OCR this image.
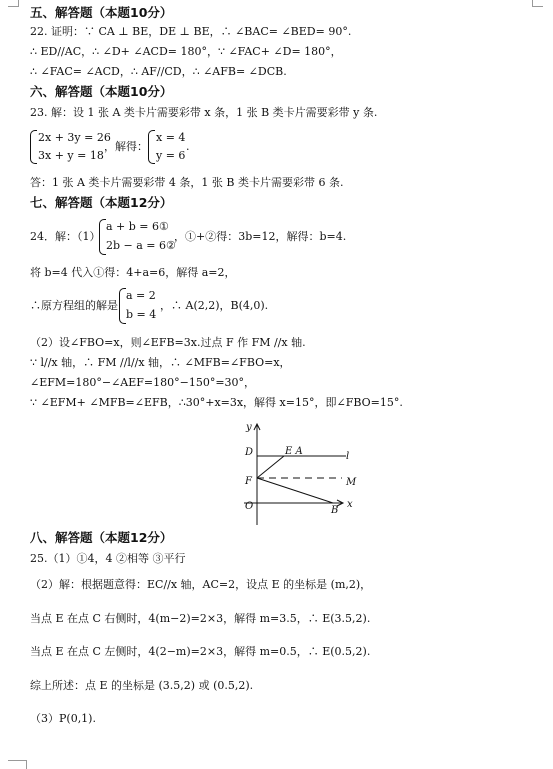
五、解答题（本题10分）
22. 证明：∵ CA ⊥ BE，DE ⊥ BE，∴ ∠BAC= ∠BED= 90°.
∴ ED//AC，∴ ∠D+ ∠ACD= 180°，∵ ∠FAC+ ∠D= 180°，
∴ ∠FAC= ∠ACD，∴ AF//CD，∴ ∠AFB= ∠DCB.
六、解答题（本题10分）
23. 解：设 1 张 A 类卡片需要彩带 x 条，1 张 B 类卡片需要彩带 y 条.
2x + 3y = 26
3x + y = 18
，解得：
x = 4
y = 6
.
答：1 张 A 类卡片需要彩带 4 条，1 张 B 类卡片需要彩带 6 条.
七、解答题（本题12分）
24．解：（1）
a + b = 6①
2b − a = 6②
，①+②得：3b=12，解得：b=4.
将 b=4 代入①得：4+a=6，解得 a=2，
∴原方程组的解是
a = 2
b = 4
，∴ A(2,2)，B(4,0).
（2）设∠FBO=x，则∠EFB=3x.过点 F 作 FM //x 轴.
∵ l//x 轴，∴ FM //l//x 轴，∴ ∠MFB=∠FBO=x，
∠EFM=180°−∠AEF=180°−150°=30°，
∵ ∠EFM+ ∠MFB=∠EFB，∴30°+x=3x，解得 x=15°，即∠FBO=15°.
y
D	E A	l
F	M
O	B
x
八、解答题（本题12分）
25.（1）①4，4 ②相等 ③平行
（2）解：根据题意得：EC//x 轴，AC=2，设点 E 的坐标是 (m,2)，
当点 E 在点 C 右侧时，4(m−2)=2×3，解得 m=3.5，∴ E(3.5,2).
当点 E 在点 C 左侧时，4(2−m)=2×3，解得 m=0.5，∴ E(0.5,2).
综上所述：点 E 的坐标是 (3.5,2) 或 (0.5,2).
（3）P(0,1).
